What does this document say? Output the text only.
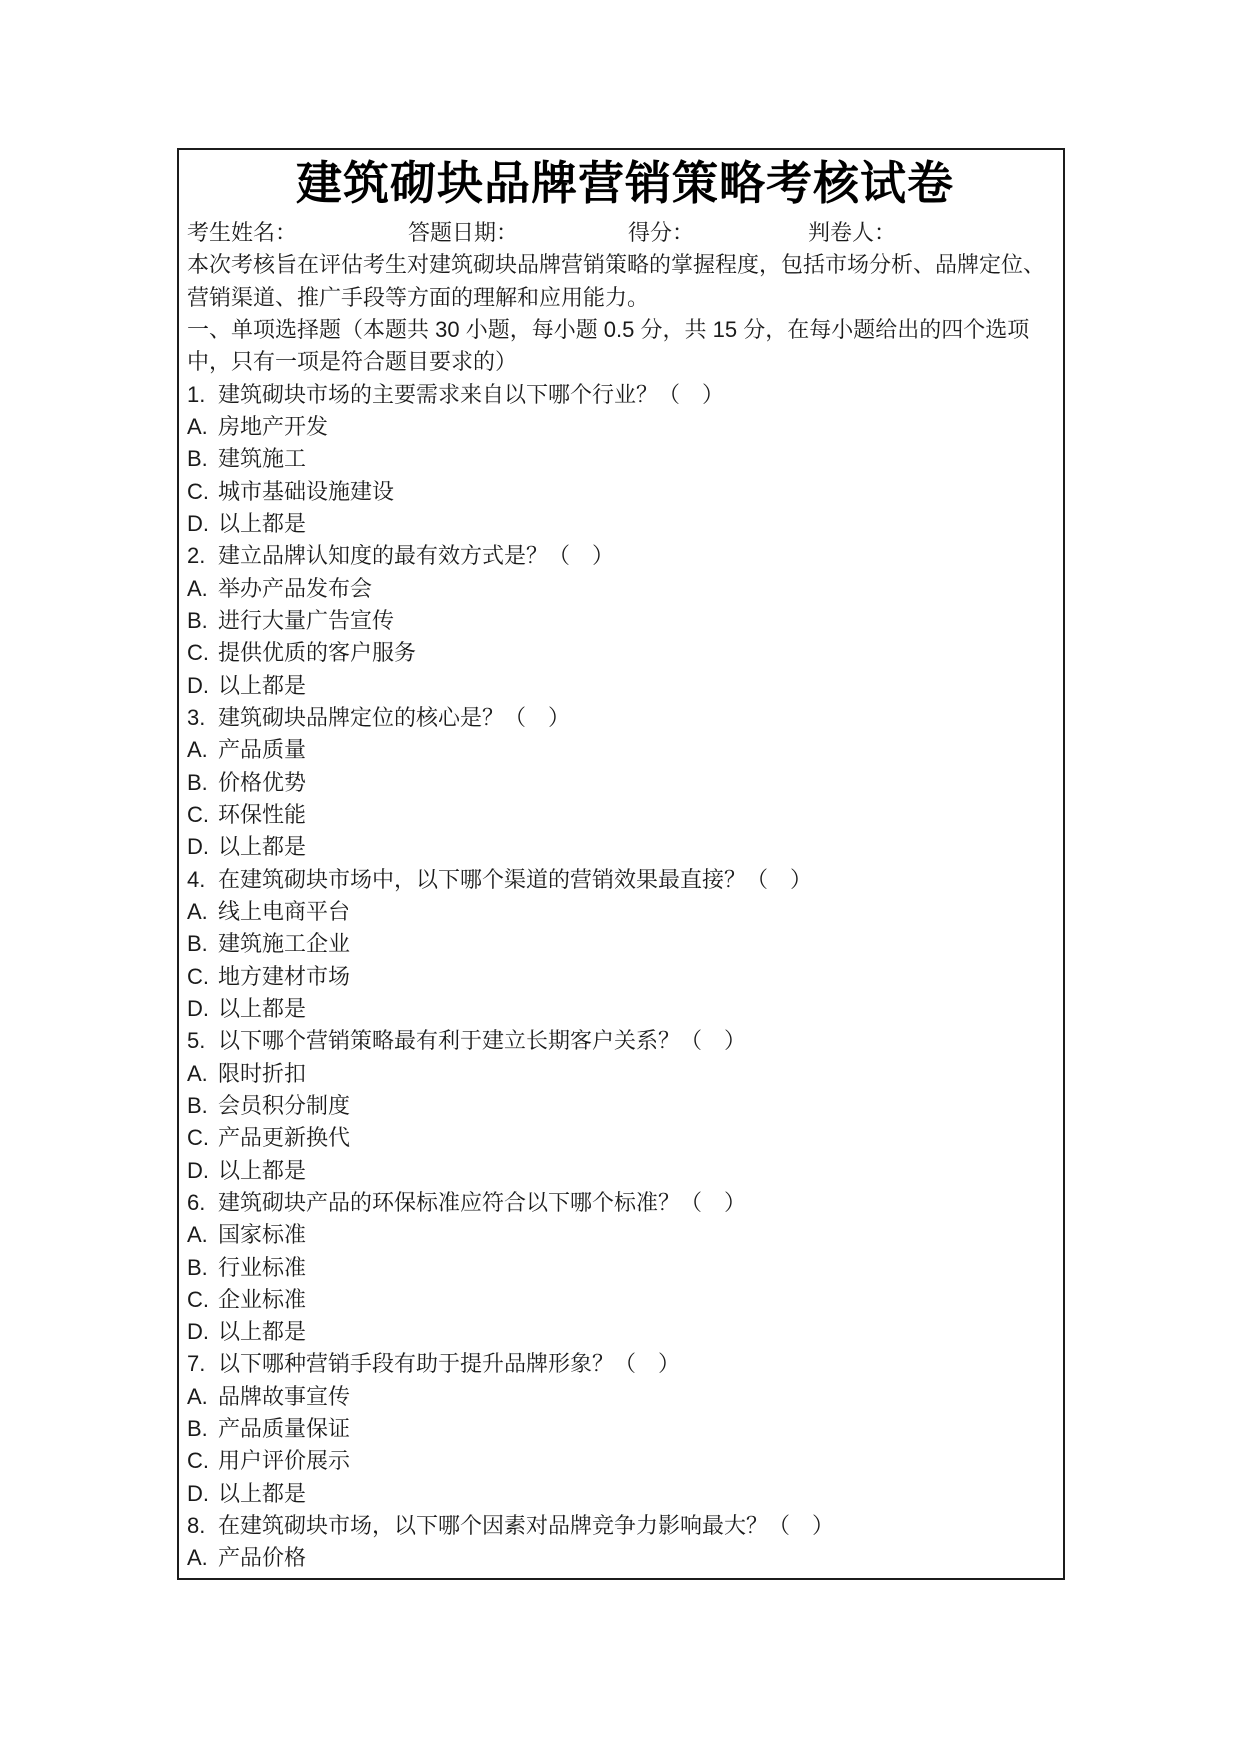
建筑砌块品牌营销策略考核试卷
考生姓名：	答题日期：	得分：	判卷人：
本次考核旨在评估考生对建筑砌块品牌营销策略的掌握程度，包括市场分析、品牌定位、
营销渠道、推广手段等方面的理解和应用能力。
一、单项选择题（本题共 30 小题，每小题 0.5 分，共 15 分，在每小题给出的四个选项
中，只有一项是符合题目要求的）
1. 建筑砌块市场的主要需求来自以下哪个行业？（　）
A. 房地产开发
B. 建筑施工
C. 城市基础设施建设
D. 以上都是
2. 建立品牌认知度的最有效方式是？（　）
A. 举办产品发布会
B. 进行大量广告宣传
C. 提供优质的客户服务
D. 以上都是
3. 建筑砌块品牌定位的核心是？（　）
A. 产品质量
B. 价格优势
C. 环保性能
D. 以上都是
4. 在建筑砌块市场中，以下哪个渠道的营销效果最直接？（　）
A. 线上电商平台
B. 建筑施工企业
C. 地方建材市场
D. 以上都是
5. 以下哪个营销策略最有利于建立长期客户关系？（　）
A. 限时折扣
B. 会员积分制度
C. 产品更新换代
D. 以上都是
6. 建筑砌块产品的环保标准应符合以下哪个标准？（　）
A. 国家标准
B. 行业标准
C. 企业标准
D. 以上都是
7. 以下哪种营销手段有助于提升品牌形象？（　）
A. 品牌故事宣传
B. 产品质量保证
C. 用户评价展示
D. 以上都是
8. 在建筑砌块市场，以下哪个因素对品牌竞争力影响最大？（　）
A. 产品价格
